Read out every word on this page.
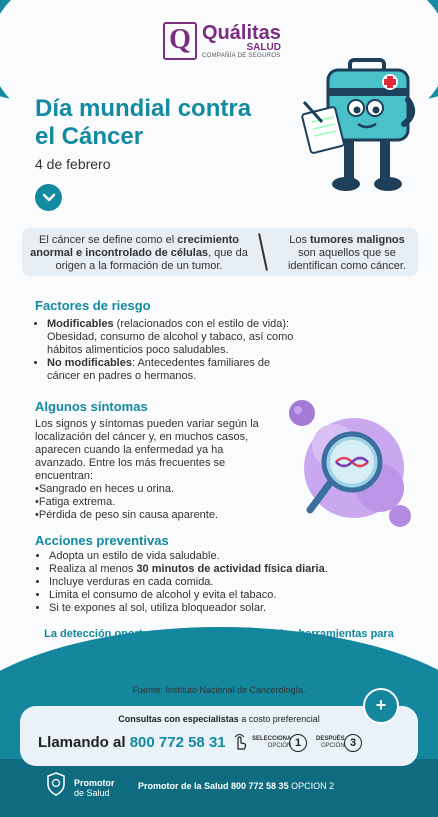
Q Quálitas
SALUD
COMPAÑÍA DE SEGUROS
Día mundial contra el Cáncer
4 de febrero
El cáncer se define como el crecimiento anormal e incontrolado de células, que da origen a la formación de un tumor.
Los tumores malignos son aquellos que se identifican como cáncer.
Factores de riesgo
• Modificables (relacionados con el estilo de vida): Obesidad, consumo de alcohol y tabaco, así como hábitos alimenticios poco saludables.
• No modificables: Antecedentes familiares de cáncer en padres o hermanos.
Algunos síntomas
Los signos y síntomas pueden variar según la localización del cáncer y, en muchos casos, aparecen cuando la enfermedad ya ha avanzado. Entre los más frecuentes se encuentran:
•Sangrado en heces u orina.
•Fatiga extrema.
•Pérdida de peso sin causa aparente.
Acciones preventivas
• Adopta un estilo de vida saludable.
• Realiza al menos 30 minutos de actividad física diaria.
• Incluye verduras en cada comida.
• Limita el consumo de alcohol y evita el tabaco.
• Si te expones al sol, utiliza bloqueador solar.
La detección oportuna es una de las principales herramientas para prevenir complicaciones por cáncer.
Ante la presencia de síntomas, acude con tu médico.
Fuente: Instituto Nacional de Cancerología.
Consultas con especialistas a costo preferencial
Llamando al 800 772 58 31	SELECCIONA
OPCIÓN 1	DESPUÉS
OPCIÓN 3
+
Promotor
de Salud
Promotor de la Salud 800 772 58 35 OPCION 2
